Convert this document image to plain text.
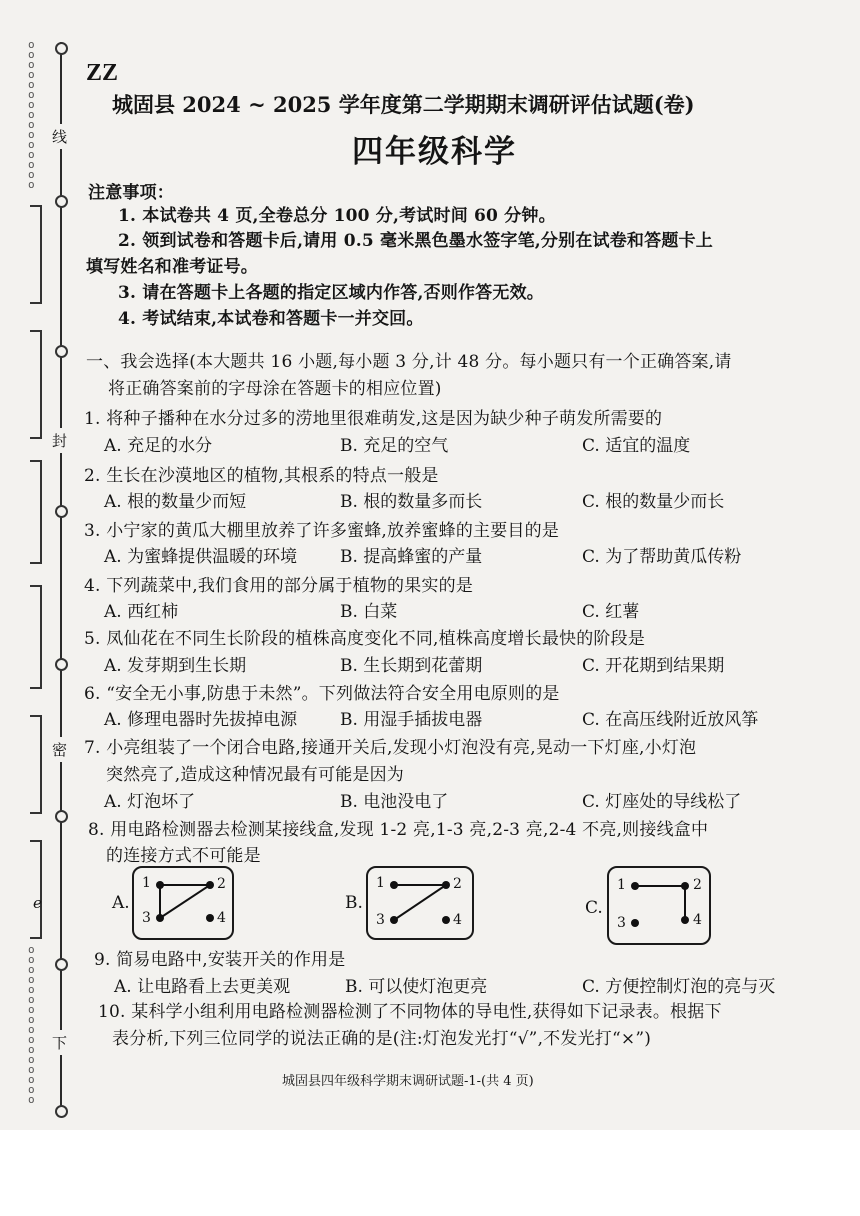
o
o
o
o
o
o
o
o
o
o
o
o
o
o
o
o
o
o
o
o
o
o
o
o
o
o
o
o
o
o
o
e
线
封
密
下
ZZ
城固县 2024 ~ 2025 学年度第二学期期末调研评估试题(卷)
四年级科学
注意事项：
1. 本试卷共 4 页,全卷总分 100 分,考试时间 60 分钟。
2. 领到试卷和答题卡后,请用 0.5 毫米黑色墨水签字笔,分别在试卷和答题卡上
填写姓名和准考证号。
3. 请在答题卡上各题的指定区域内作答,否则作答无效。
4. 考试结束,本试卷和答题卡一并交回。
一、我会选择(本大题共 16 小题,每小题 3 分,计 48 分。每小题只有一个正确答案,请
将正确答案前的字母涂在答题卡的相应位置)
1. 将种子播种在水分过多的涝地里很难萌发,这是因为缺少种子萌发所需要的
A. 充足的水分	B. 充足的空气	C. 适宜的温度
2. 生长在沙漠地区的植物,其根系的特点一般是
A. 根的数量少而短	B. 根的数量多而长	C. 根的数量少而长
3. 小宁家的黄瓜大棚里放养了许多蜜蜂,放养蜜蜂的主要目的是
A. 为蜜蜂提供温暖的环境	B. 提高蜂蜜的产量	C. 为了帮助黄瓜传粉
4. 下列蔬菜中,我们食用的部分属于植物的果实的是
A. 西红柿	B. 白菜	C. 红薯
5. 凤仙花在不同生长阶段的植株高度变化不同,植株高度增长最快的阶段是
A. 发芽期到生长期	B. 生长期到花蕾期	C. 开花期到结果期
6. “安全无小事,防患于未然”。下列做法符合安全用电原则的是
A. 修理电器时先拔掉电源	B. 用湿手插拔电器	C. 在高压线附近放风筝
7. 小亮组装了一个闭合电路,接通开关后,发现小灯泡没有亮,晃动一下灯座,小灯泡
突然亮了,造成这种情况最有可能是因为
A. 灯泡坏了	B. 电池没电了	C. 灯座处的导线松了
8. 用电路检测器去检测某接线盒,发现 1-2 亮,1-3 亮,2-3 亮,2-4 不亮,则接线盒中
的连接方式不可能是
A.
1	2
3	4
B.
1	2
3	4
C.
1	2
3	4
9. 简易电路中,安装开关的作用是
A. 让电路看上去更美观	B. 可以使灯泡更亮	C. 方便控制灯泡的亮与灭
10. 某科学小组利用电路检测器检测了不同物体的导电性,获得如下记录表。根据下
表分析,下列三位同学的说法正确的是(注:灯泡发光打“√”,不发光打“×”)
城固县四年级科学期末调研试题-1-(共 4 页)
